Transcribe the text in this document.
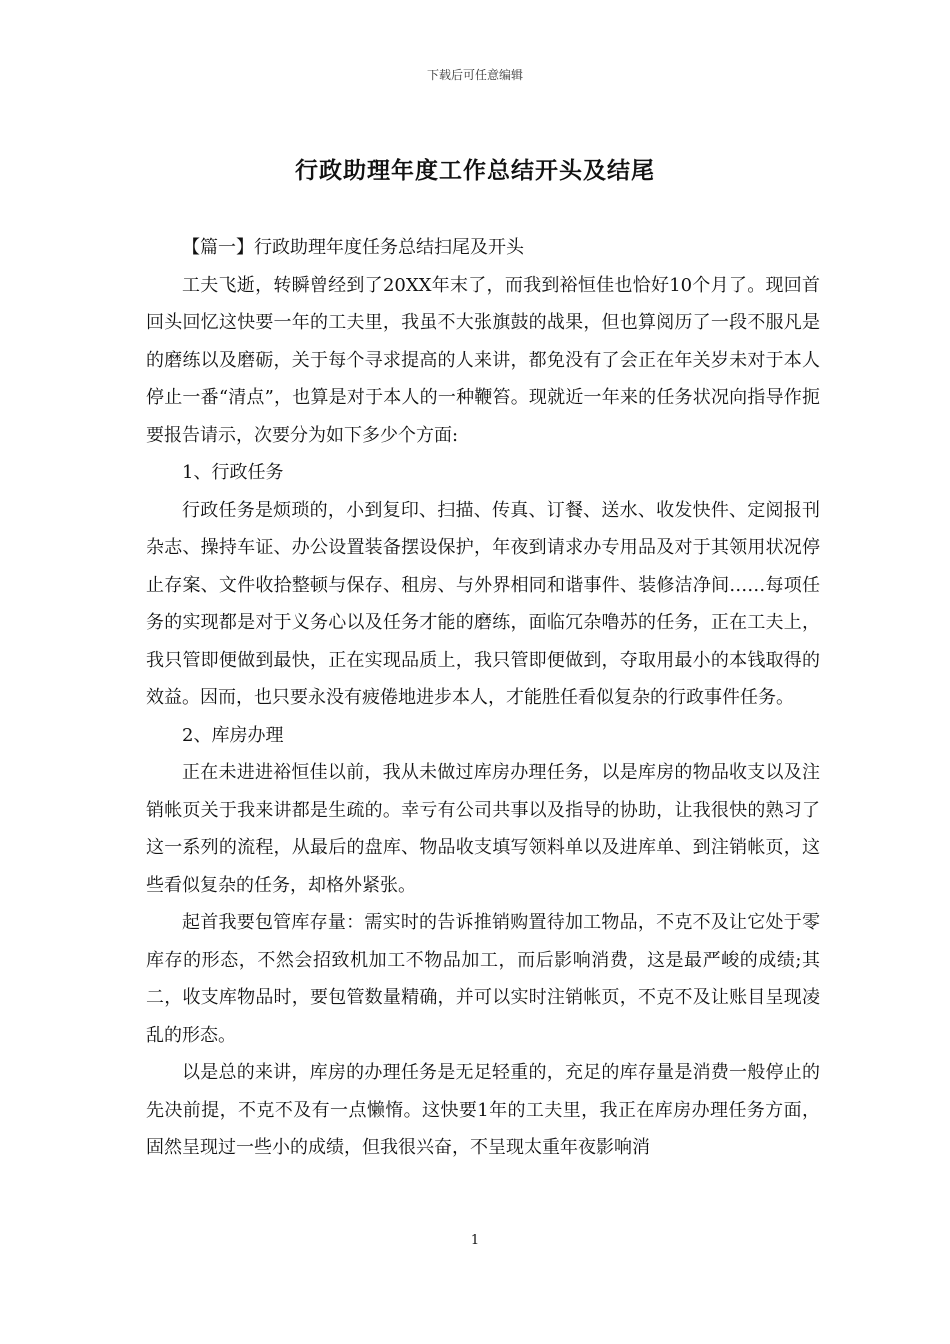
下载后可任意编辑
行政助理年度工作总结开头及结尾

【篇一】行政助理年度任务总结扫尾及开头

工夫飞逝，转瞬曾经到了20XX年末了，而我到裕恒佳也恰好10个月了。现回首回头回忆这快要一年的工夫里，我虽不大张旗鼓的战果，但也算阅历了一段不服凡是的磨练以及磨砺，关于每个寻求提高的人来讲，都免没有了会正在年关岁未对于本人停止一番“清点”，也算是对于本人的一种鞭笞。现就近一年来的任务状况向指导作扼要报告请示，次要分为如下多少个方面:

1、行政任务

行政任务是烦琐的，小到复印、扫描、传真、订餐、送水、收发快件、定阅报刊杂志、操持车证、办公设置装备摆设保护，年夜到请求办专用品及对于其领用状况停止存案、文件收拾整顿与保存、租房、与外界相同和谐事件、装修洁净间……每项任务的实现都是对于义务心以及任务才能的磨练，面临冗杂噜苏的任务，正在工夫上，我只管即便做到最快，正在实现品质上，我只管即便做到，夺取用最小的本钱取得的效益。因而，也只要永没有疲倦地进步本人，才能胜任看似复杂的行政事件任务。

2、库房办理

正在未进进裕恒佳以前，我从未做过库房办理任务，以是库房的物品收支以及注销帐页关于我来讲都是生疏的。幸亏有公司共事以及指导的协助，让我很快的熟习了这一系列的流程，从最后的盘库、物品收支填写领料单以及进库单、到注销帐页，这些看似复杂的任务，却格外紧张。

起首我要包管库存量：需实时的告诉推销购置待加工物品，不克不及让它处于零库存的形态，不然会招致机加工不物品加工，而后影响消费，这是最严峻的成绩;其二，收支库物品时，要包管数量精确，并可以实时注销帐页，不克不及让账目呈现凌乱的形态。

以是总的来讲，库房的办理任务是无足轻重的，充足的库存量是消费一般停止的先决前提，不克不及有一点懒惰。这快要1年的工夫里，我正在库房办理任务方面，固然呈现过一些小的成绩，但我很兴奋，不呈现太重年夜影响消

1
